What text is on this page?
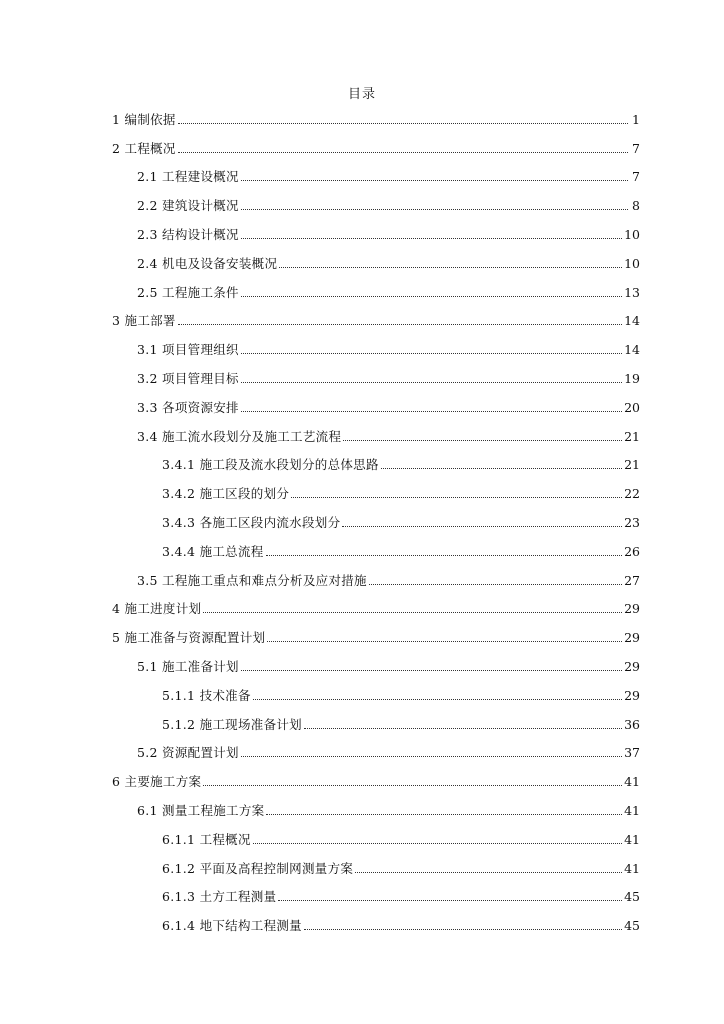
目录
1 编制依据	1
2 工程概况	7
2.1 工程建设概况	7
2.2 建筑设计概况	8
2.3 结构设计概况	10
2.4 机电及设备安装概况	10
2.5 工程施工条件	13
3 施工部署	14
3.1 项目管理组织	14
3.2 项目管理目标	19
3.3 各项资源安排	20
3.4 施工流水段划分及施工工艺流程	21
3.4.1 施工段及流水段划分的总体思路	21
3.4.2 施工区段的划分	22
3.4.3 各施工区段内流水段划分	23
3.4.4 施工总流程	26
3.5 工程施工重点和难点分析及应对措施	27
4 施工进度计划	29
5 施工准备与资源配置计划	29
5.1 施工准备计划	29
5.1.1 技术准备	29
5.1.2 施工现场准备计划	36
5.2 资源配置计划	37
6 主要施工方案	41
6.1 测量工程施工方案	41
6.1.1 工程概况	41
6.1.2 平面及高程控制网测量方案	41
6.1.3 土方工程测量	45
6.1.4 地下结构工程测量	45
